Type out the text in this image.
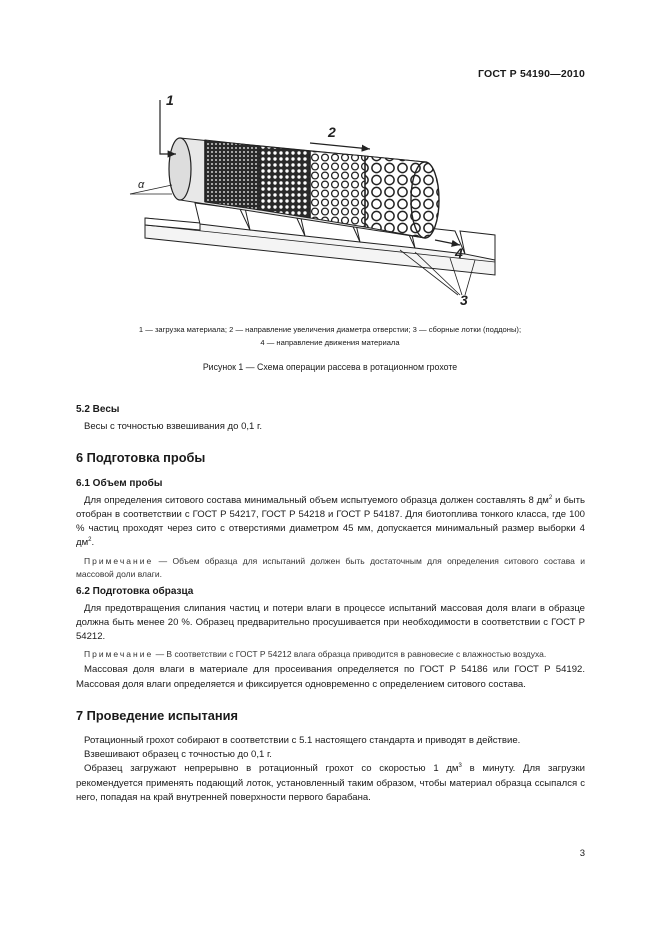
ГОСТ Р 54190—2010
1
2
3
4
α
1 — загрузка материала; 2 — направление увеличения диаметра отверстии; 3 — сборные лотки (поддоны);
4 — направление движения материала
Рисунок 1 — Схема операции рассева в ротационном грохоте
5.2 Весы

Весы с точностью взвешивания до 0,1 г.

6 Подготовка пробы
6.1 Объем пробы

Для определения ситового состава минимальный объем испытуемого образца должен составлять 8 $дм^2$ и быть отобран в соответствии с ГОСТ Р 54217, ГОСТ Р 54218 и ГОСТ Р 54187. Для биотоплива тонкого класса, где 100 % частиц проходят через сито с отверстиями диаметром 45 мм, допускается минимальный размер выборки 4 $дм^2$.

Примечание — Объем образца для испытаний должен быть достаточным для определения ситового состава и массовой доли влаги.

6.2 Подготовка образца

Для предотвращения слипания частиц и потери влаги в процессе испытаний массовая доля влаги в образце должна быть менее 20 %. Образец предварительно просушивается при необходимости в соответствии с ГОСТ Р 54212.

Примечание — В соответствии с ГОСТ Р 54212 влага образца приводится в равновесие с влажностью воздуха.

Массовая доля влаги в материале для просеивания определяется по ГОСТ Р 54186 или ГОСТ Р 54192. Массовая доля влаги определяется и фиксируется одновременно с определением ситового состава.

7 Проведение испытания

Ротационный грохот собирают в соответствии с 5.1 настоящего стандарта и приводят в действие.

Взвешивают образец с точностью до 0,1 г.

Образец загружают непрерывно в ротационный грохот со скоростью 1 $дм^3$ в минуту. Для загрузки рекомендуется применять подающий лоток, установленный таким образом, чтобы материал образца ссыпался с него, попадая на край внутренней поверхности первого барабана.

3
